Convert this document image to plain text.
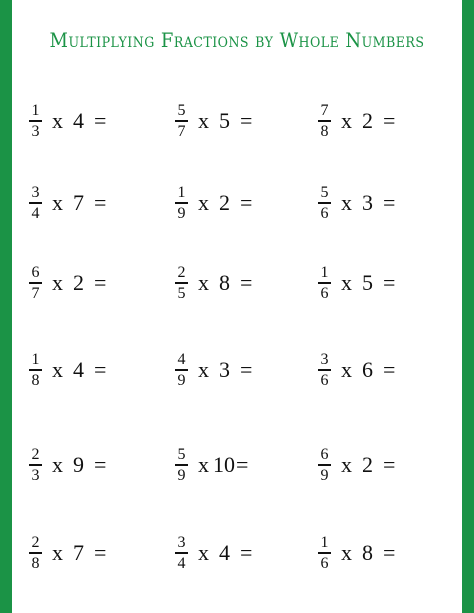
Multiplying Fractions by Whole Numbers
$\frac{1}{3}$ x 4 =	$\frac{5}{7}$ x 5 =	$\frac{7}{8}$ x 2 =
$\frac{3}{4}$ x 7 =	$\frac{1}{9}$ x 2 =	$\frac{5}{6}$ x 3 =
$\frac{6}{7}$ x 2 =	$\frac{2}{5}$ x 8 =	$\frac{1}{6}$ x 5 =
$\frac{1}{8}$ x 4 =	$\frac{4}{9}$ x 3 =	$\frac{3}{6}$ x 6 =
$\frac{2}{3}$ x 9 =	$\frac{5}{9}$ x 10 =	$\frac{6}{9}$ x 2 =
$\frac{2}{8}$ x 7 =	$\frac{3}{4}$ x 4 =	$\frac{1}{6}$ x 8 =
